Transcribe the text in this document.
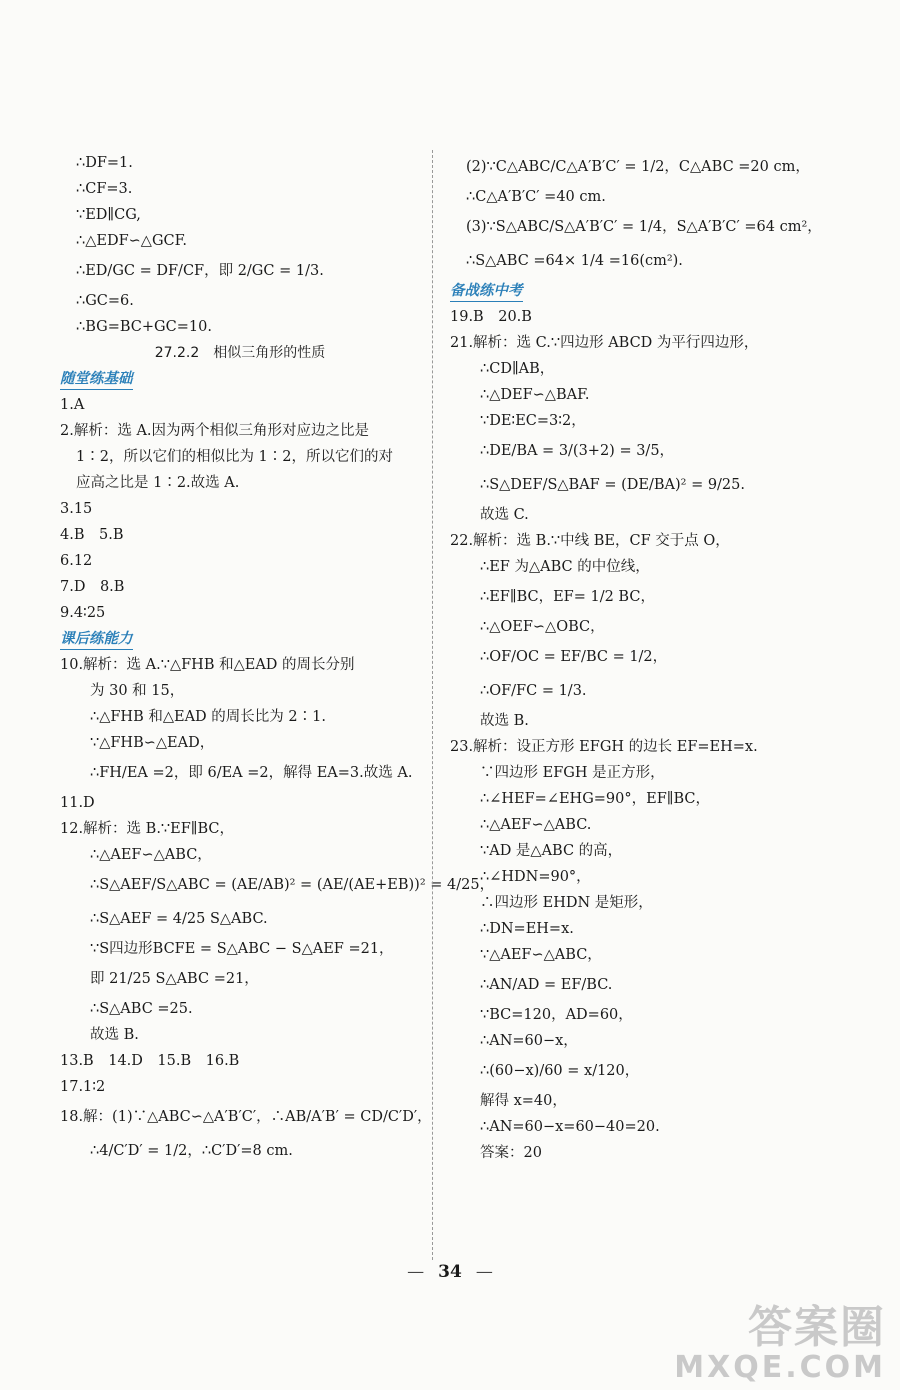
∴DF=1.
∴CF=3.
∵ED∥CG,
∴△EDF∽△GCF.
∴ED/GC = DF/CF，即 2/GC = 1/3.
∴GC=6.
∴BG=BC+GC=10.
27.2.2　相似三角形的性质
随堂练基础
1.A
2.解析：选 A.因为两个相似三角形对应边之比是
1∶2，所以它们的相似比为 1∶2，所以它们的对
应高之比是 1∶2.故选 A.
3.15
4.B　5.B
6.12
7.D　8.B
9.4∶25
课后练能力
10.解析：选 A.∵△FHB 和△EAD 的周长分别
为 30 和 15，
∴△FHB 和△EAD 的周长比为 2∶1.
∵△FHB∽△EAD，
∴FH/EA =2，即 6/EA =2，解得 EA=3.故选 A.
11.D
12.解析：选 B.∵EF∥BC，
∴△AEF∽△ABC，
∴S△AEF/S△ABC = (AE/AB)² = (AE/(AE+EB))² = 4/25，
∴S△AEF = 4/25 S△ABC.
∵S四边形BCFE = S△ABC − S△AEF =21，
即 21/25 S△ABC =21，
∴S△ABC =25.
故选 B.
13.B　14.D　15.B　16.B
17.1∶2
18.解：(1)∵△ABC∽△A′B′C′，∴AB/A′B′ = CD/C′D′，
∴4/C′D′ = 1/2，∴C′D′=8 cm.
(2)∵C△ABC/C△A′B′C′ = 1/2，C△ABC =20 cm，
∴C△A′B′C′ =40 cm.
(3)∵S△ABC/S△A′B′C′ = 1/4，S△A′B′C′ =64 cm²，
∴S△ABC =64× 1/4 =16(cm²).
备战练中考
19.B　20.B
21.解析：选 C.∵四边形 ABCD 为平行四边形，
∴CD∥AB，
∴△DEF∽△BAF.
∵DE∶EC=3∶2，
∴DE/BA = 3/(3+2) = 3/5，
∴S△DEF/S△BAF = (DE/BA)² = 9/25.
故选 C.
22.解析：选 B.∵中线 BE，CF 交于点 O，
∴EF 为△ABC 的中位线，
∴EF∥BC，EF= 1/2 BC，
∴△OEF∽△OBC，
∴OF/OC = EF/BC = 1/2，
∴OF/FC = 1/3.
故选 B.
23.解析：设正方形 EFGH 的边长 EF=EH=x.
∵四边形 EFGH 是正方形，
∴∠HEF=∠EHG=90°，EF∥BC，
∴△AEF∽△ABC.
∵AD 是△ABC 的高，
∴∠HDN=90°，
∴四边形 EHDN 是矩形，
∴DN=EH=x.
∵△AEF∽△ABC，
∴AN/AD = EF/BC.
∵BC=120，AD=60，
∴AN=60−x，
∴(60−x)/60 = x/120，
解得 x=40，
∴AN=60−x=60−40=20.
答案：20
— 34 —
答案圈
MXQE.COM
